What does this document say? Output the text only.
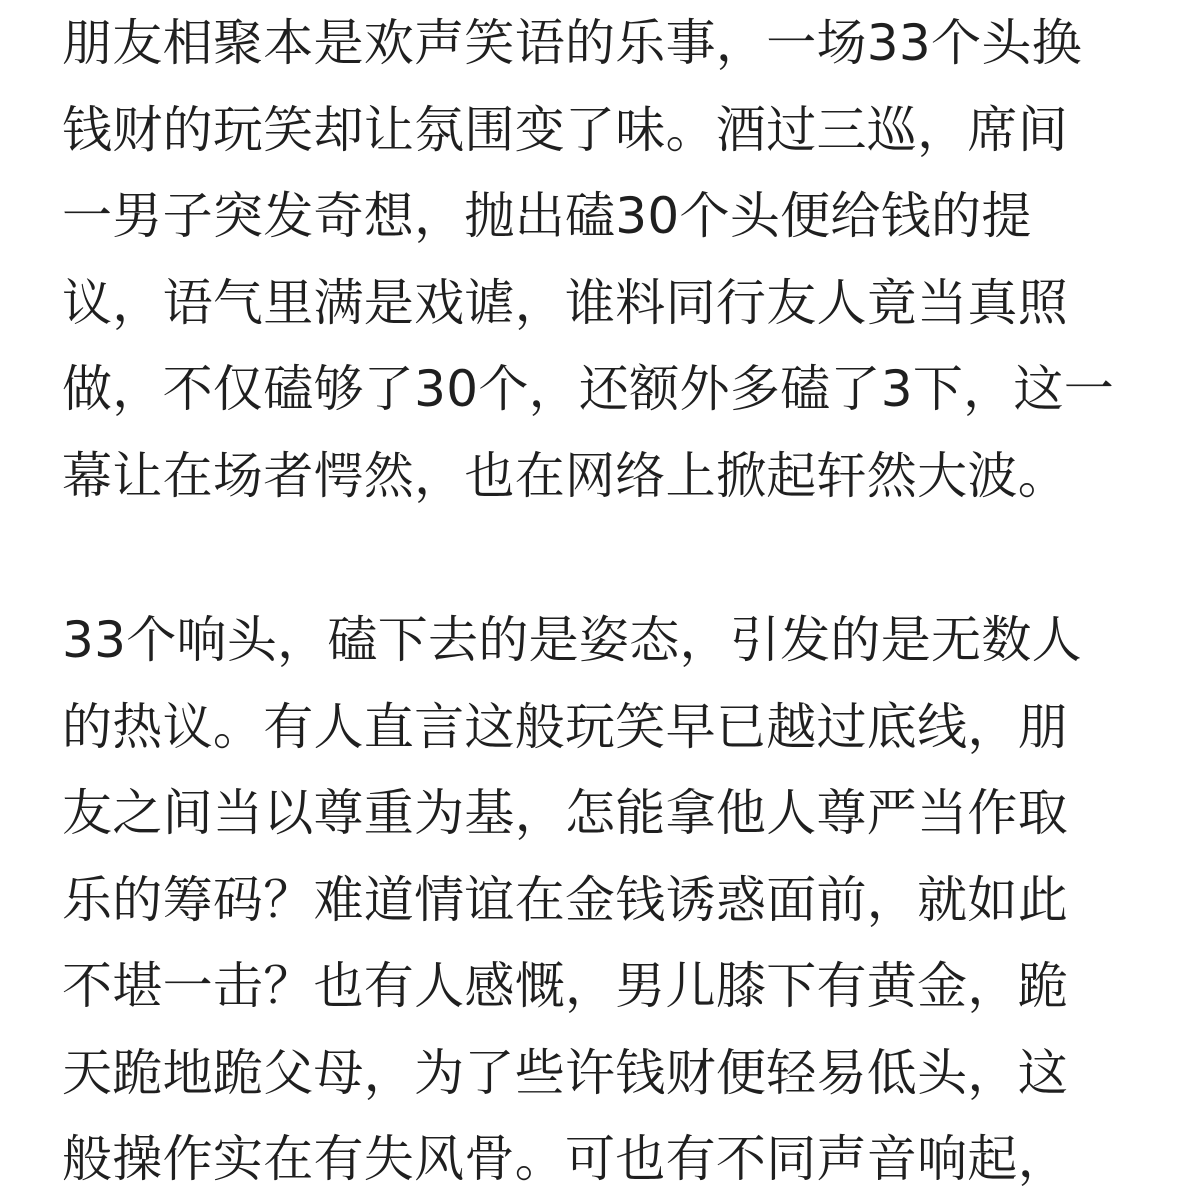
朋友相聚本是欢声笑语的乐事，一场33个头换
钱财的玩笑却让氛围变了味。酒过三巡，席间
一男子突发奇想，抛出磕30个头便给钱的提
议，语气里满是戏谑，谁料同行友人竟当真照
做，不仅磕够了30个，还额外多磕了3下，这一
幕让在场者愕然，也在网络上掀起轩然大波。

33个响头，磕下去的是姿态，引发的是无数人
的热议。有人直言这般玩笑早已越过底线，朋
友之间当以尊重为基，怎能拿他人尊严当作取
乐的筹码？难道情谊在金钱诱惑面前，就如此
不堪一击？也有人感慨，男儿膝下有黄金，跪
天跪地跪父母，为了些许钱财便轻易低头，这
般操作实在有失风骨。可也有不同声音响起，
